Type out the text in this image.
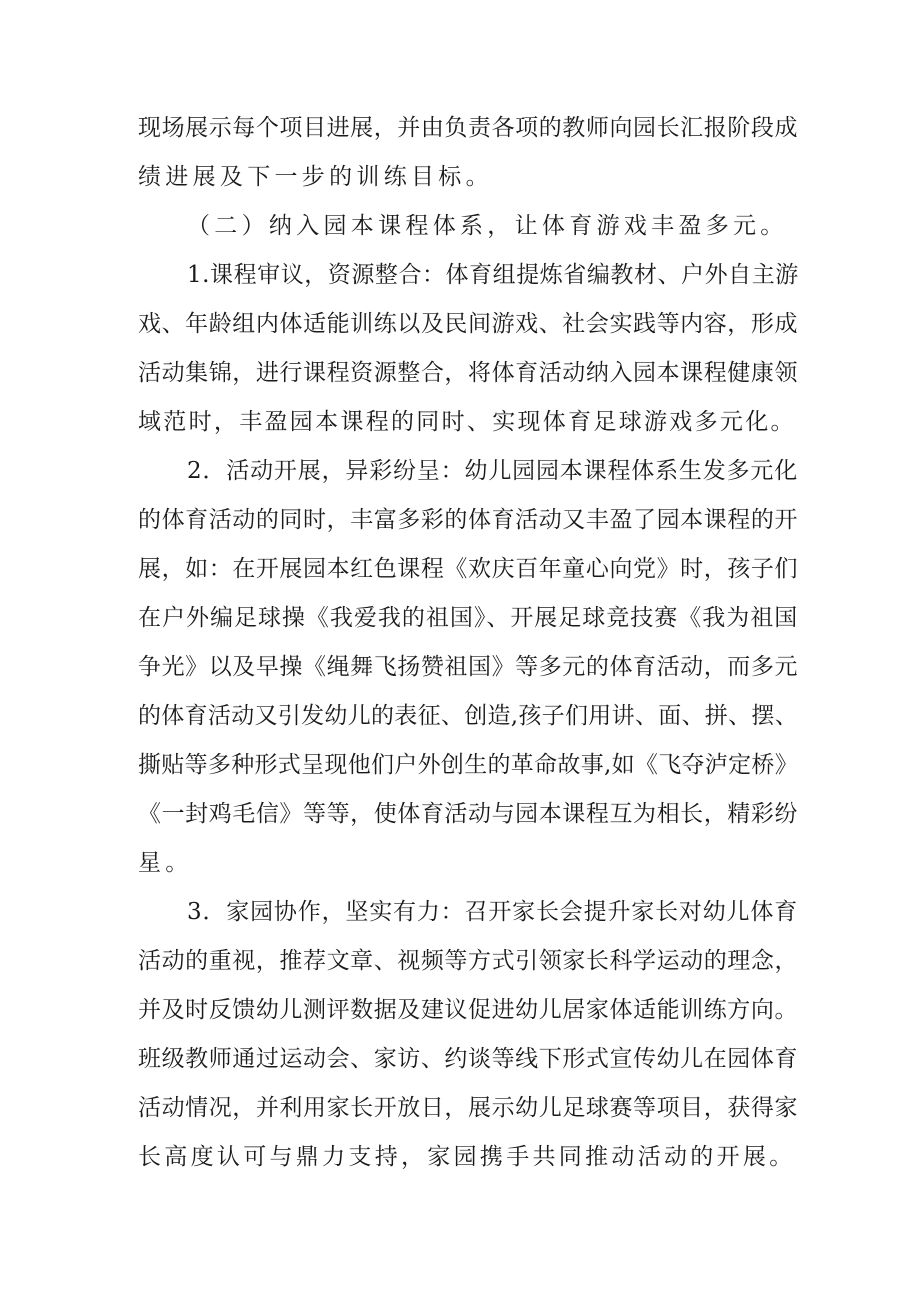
现场展示每个项目进展，并由负责各项的教师向园长汇报阶段成
绩进展及下一步的训练目标。
（二）纳入园本课程体系，让体育游戏丰盈多元。
1.课程审议，资源整合：体育组提炼省编教材、户外自主游
戏、年龄组内体适能训练以及民间游戏、社会实践等内容，形成
活动集锦，进行课程资源整合，将体育活动纳入园本课程健康领
域范时，丰盈园本课程的同时、实现体育足球游戏多元化。
2．活动开展，异彩纷呈：幼儿园园本课程体系生发多元化
的体育活动的同时，丰富多彩的体育活动又丰盈了园本课程的开
展，如：在开展园本红色课程《欢庆百年童心向党》时，孩子们
在户外编足球操《我爱我的祖国》、开展足球竞技赛《我为祖国
争光》以及早操《绳舞飞扬赞祖国》等多元的体育活动，而多元
的体育活动又引发幼儿的表征、创造,孩子们用讲、面、拼、摆、
撕贴等多种形式呈现他们户外创生的革命故事,如《飞夺泸定桥》
《一封鸡毛信》等等，使体育活动与园本课程互为相长，精彩纷
星。
3．家园协作，坚实有力：召开家长会提升家长对幼儿体育
活动的重视，推荐文章、视频等方式引领家长科学运动的理念，
并及时反馈幼儿测评数据及建议促进幼儿居家体适能训练方向。
班级教师通过运动会、家访、约谈等线下形式宣传幼儿在园体育
活动情况，并利用家长开放日，展示幼儿足球赛等项目，获得家
长高度认可与鼎力支持，家园携手共同推动活动的开展。
